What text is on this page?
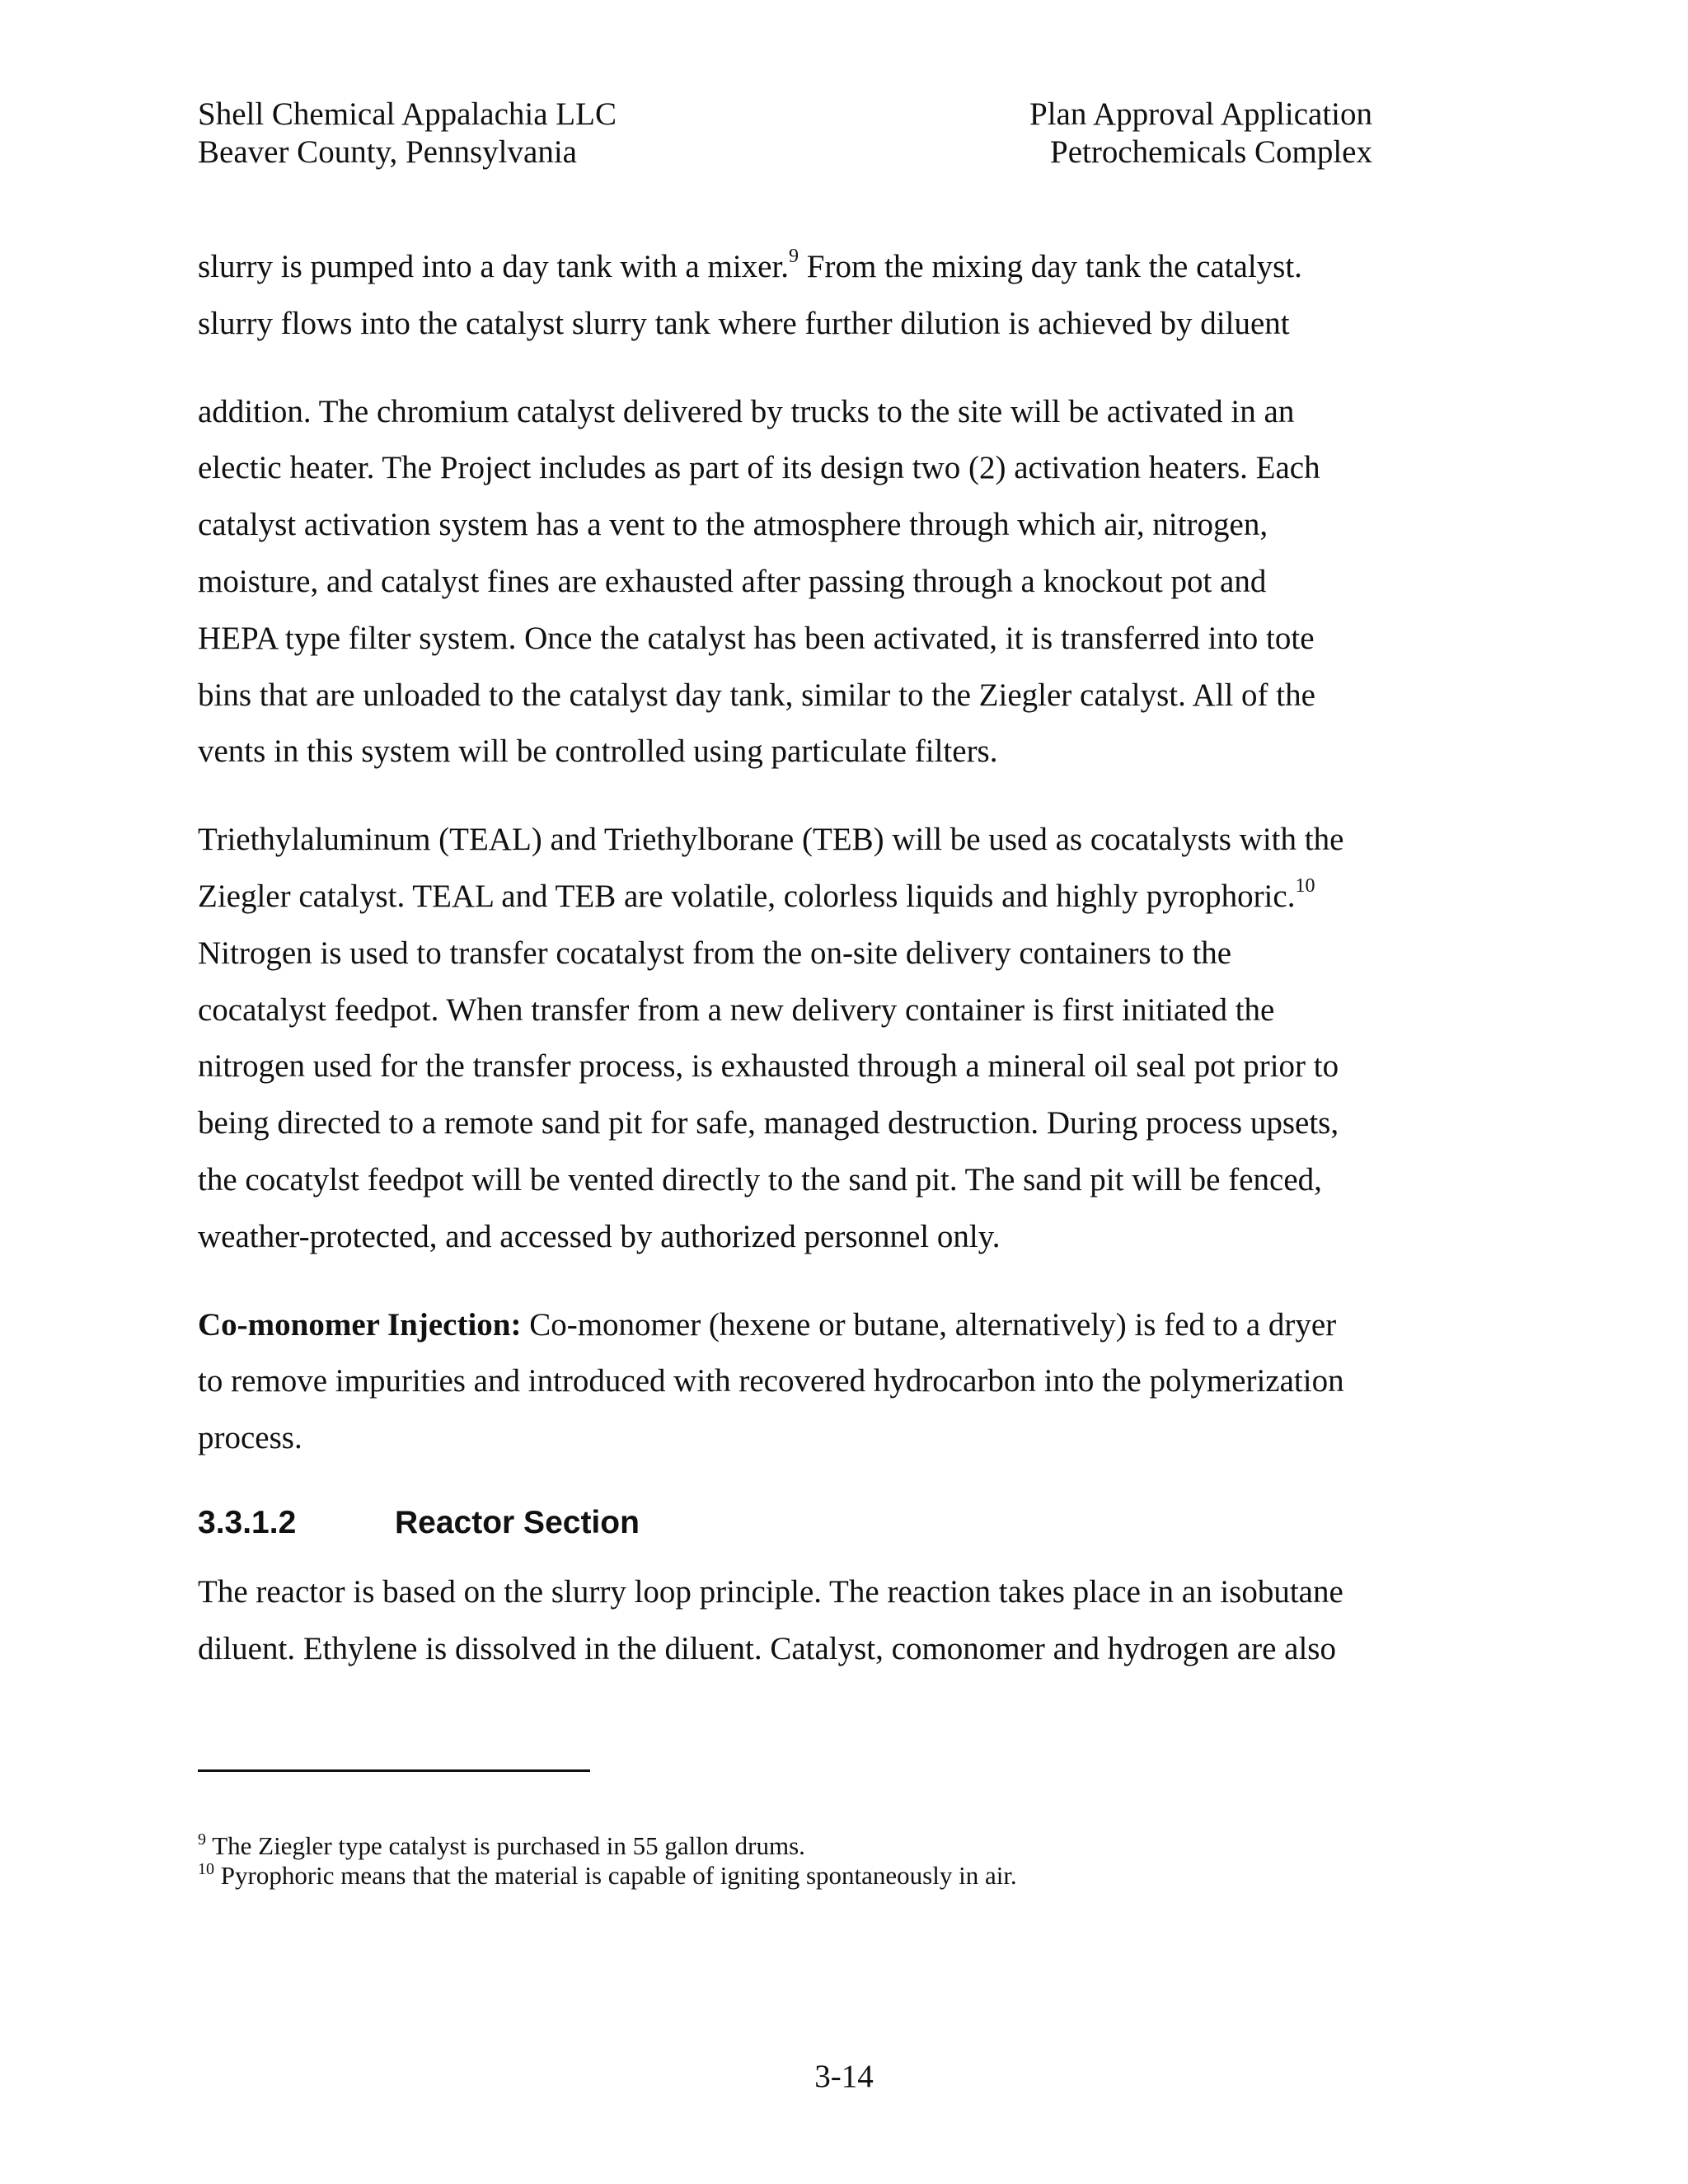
Shell Chemical Appalachia LLC
Beaver County, Pennsylvania
Plan Approval Application
Petrochemicals Complex

slurry is pumped into a day tank with a mixer.$^9$ From the mixing day tank the catalyst.
slurry flows into the catalyst slurry tank where further dilution is achieved by diluent

addition. The chromium catalyst delivered by trucks to the site will be activated in an
electic heater. The Project includes as part of its design two (2) activation heaters. Each
catalyst activation system has a vent to the atmosphere through which air, nitrogen,
moisture, and catalyst fines are exhausted after passing through a knockout pot and
HEPA type filter system. Once the catalyst has been activated, it is transferred into tote
bins that are unloaded to the catalyst day tank, similar to the Ziegler catalyst. All of the
vents in this system will be controlled using particulate filters.

Triethylaluminum (TEAL) and Triethylborane (TEB) will be used as cocatalysts with the
Ziegler catalyst. TEAL and TEB are volatile, colorless liquids and highly pyrophoric.$^{10}$
Nitrogen is used to transfer cocatalyst from the on-site delivery containers to the
cocatalyst feedpot. When transfer from a new delivery container is first initiated the
nitrogen used for the transfer process, is exhausted through a mineral oil seal pot prior to
being directed to a remote sand pit for safe, managed destruction. During process upsets,
the cocatylst feedpot will be vented directly to the sand pit. The sand pit will be fenced,
weather-protected, and accessed by authorized personnel only.

Co-monomer Injection: Co-monomer (hexene or butane, alternatively) is fed to a dryer
to remove impurities and introduced with recovered hydrocarbon into the polymerization
process.

3.3.1.2	Reactor Section

The reactor is based on the slurry loop principle. The reaction takes place in an isobutane
diluent. Ethylene is dissolved in the diluent. Catalyst, comonomer and hydrogen are also

$^9$ The Ziegler type catalyst is purchased in 55 gallon drums.
$^{10}$ Pyrophoric means that the material is capable of igniting spontaneously in air.
3-14
